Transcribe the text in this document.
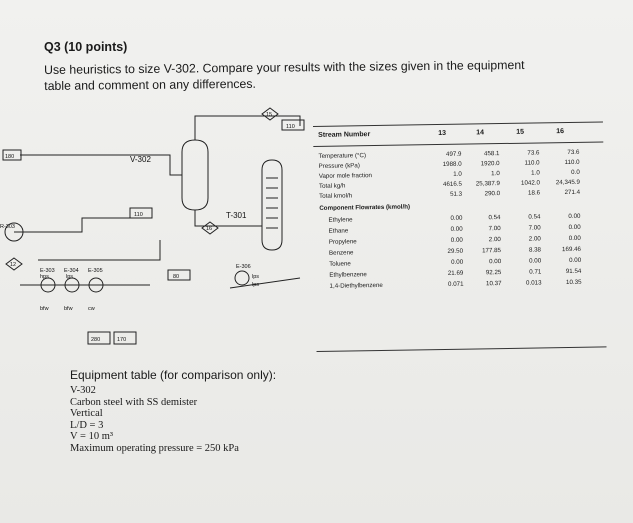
Q3 (10 points)
Use heuristics to size V-302. Compare your results with the sizes given in the equipment
table and comment on any differences.
V-302
T-301
E-303 E-304 E-305
E-306
R-303
15
16
110
110
12
180
80
280	170
hps	lps	lps
bfw	bfw	cw
lps
Stream Number	13	14	15	16
Temperature (°C)	497.9	458.1	73.6	73.6
Pressure (kPa)	1988.0	1920.0	110.0	110.0
Vapor mole fraction	1.0	1.0	1.0	0.0
Total kg/h	4616.5	25,387.9	1042.0	24,345.9
Total kmol/h	51.3	290.0	18.6	271.4
Component Flowrates (kmol/h)
Ethylene	0.00	0.54	0.54	0.00
Ethane	0.00	7.00	7.00	0.00
Propylene	0.00	2.00	2.00	0.00
Benzene	29.50	177.85	8.38	169.46
Toluene	0.00	0.00	0.00	0.00
Ethylbenzene	21.69	92.25	0.71	91.54
1,4-Diethylbenzene	0.071	10.37	0.013	10.35
Equipment table (for comparison only):
V-302
Carbon steel with SS demister
Vertical
L/D = 3
V = 10 m³
Maximum operating pressure = 250 kPa
